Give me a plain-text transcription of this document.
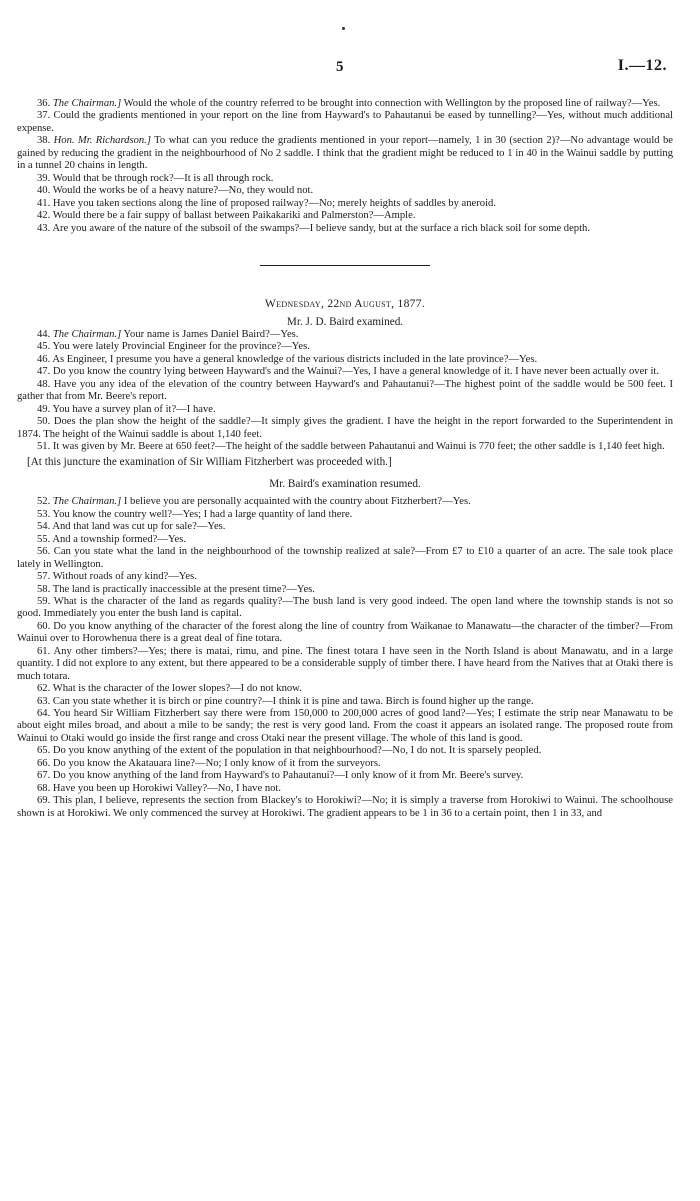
5	I.—12.

36. The Chairman.] Would the whole of the country referred to be brought into connection with Wellington by the proposed line of railway?—Yes.

37. Could the gradients mentioned in your report on the line from Hayward's to Pahautanui be eased by tunnelling?—Yes, without much additional expense.

38. Hon. Mr. Richardson.] To what can you reduce the gradients mentioned in your report—namely, 1 in 30 (section 2)?—No advantage would be gained by reducing the gradient in the neighbourhood of No 2 saddle. I think that the gradient might be reduced to 1 in 40 in the Wainui saddle by putting in a tunnel 20 chains in length.

39. Would that be through rock?—It is all through rock.

40. Would the works be of a heavy nature?—No, they would not.

41. Have you taken sections along the line of proposed railway?—No; merely heights of saddles by aneroid.

42. Would there be a fair suppy of ballast between Paikakariki and Palmerston?—Ample.

43. Are you aware of the nature of the subsoil of the swamps?—I believe sandy, but at the surface a rich black soil for some depth.

Wednesday, 22nd August, 1877.
Mr. J. D. Baird examined.

44. The Chairman.] Your name is James Daniel Baird?—Yes.

45. You were lately Provincial Engineer for the province?—Yes.

46. As Engineer, I presume you have a general knowledge of the various districts included in the late province?—Yes.

47. Do you know the country lying between Hayward's and the Wainui?—Yes, I have a general knowledge of it. I have never been actually over it.

48. Have you any idea of the elevation of the country between Hayward's and Pahautanui?—The highest point of the saddle would be 500 feet. I gather that from Mr. Beere's report.

49. You have a survey plan of it?—I have.

50. Does the plan show the height of the saddle?—It simply gives the gradient. I have the height in the report forwarded to the Superintendent in 1874. The height of the Wainui saddle is about 1,140 feet.

51. It was given by Mr. Beere at 650 feet?—The height of the saddle between Pahautanui and Wainui is 770 feet; the other saddle is 1,140 feet high.

[At this juncture the examination of Sir William Fitzherbert was proceeded with.]

Mr. Baird's examination resumed.

52. The Chairman.] I believe you are personally acquainted with the country about Fitzherbert?—Yes.

53. You know the country well?—Yes; I had a large quantity of land there.

54. And that land was cut up for sale?—Yes.

55. And a township formed?—Yes.

56. Can you state what the land in the neighbourhood of the township realized at sale?—From £7 to £10 a quarter of an acre. The sale took place lately in Wellington.

57. Without roads of any kind?—Yes.

58. The land is practically inaccessible at the present time?—Yes.

59. What is the character of the land as regards quality?—The bush land is very good indeed. The open land where the township stands is not so good. Immediately you enter the bush land is capital.

60. Do you know anything of the character of the forest along the line of country from Waikanae to Manawatu—the character of the timber?—From Wainui over to Horowhenua there is a great deal of fine totara.

61. Any other timbers?—Yes; there is matai, rimu, and pine. The finest totara I have seen in the North Island is about Manawatu, and in a large quantity. I did not explore to any extent, but there appeared to be a considerable supply of timber there. I have heard from the Natives that at Otaki there is much totara.

62. What is the character of the lower slopes?—I do not know.

63. Can you state whether it is birch or pine country?—I think it is pine and tawa. Birch is found higher up the range.

64. You heard Sir William Fitzherbert say there were from 150,000 to 200,000 acres of good land?—Yes; I estimate the strip near Manawatu to be about eight miles broad, and about a mile to be sandy; the rest is very good land. From the coast it appears an isolated range. The proposed route from Wainui to Otaki would go inside the first range and cross Otaki near the present village. The whole of this land is good.

65. Do you know anything of the extent of the population in that neighbourhood?—No, I do not. It is sparsely peopled.

66. Do you know the Akatauara line?—No; I only know of it from the surveyors.

67. Do you know anything of the land from Hayward's to Pahautanui?—I only know of it from Mr. Beere's survey.

68. Have you been up Horokiwi Valley?—No, I have not.

69. This plan, I believe, represents the section from Blackey's to Horokiwi?—No; it is simply a traverse from Horokiwi to Wainui. The schoolhouse shown is at Horokiwi. We only commenced the survey at Horokiwi. The gradient appears to be 1 in 36 to a certain point, then 1 in 33, and
